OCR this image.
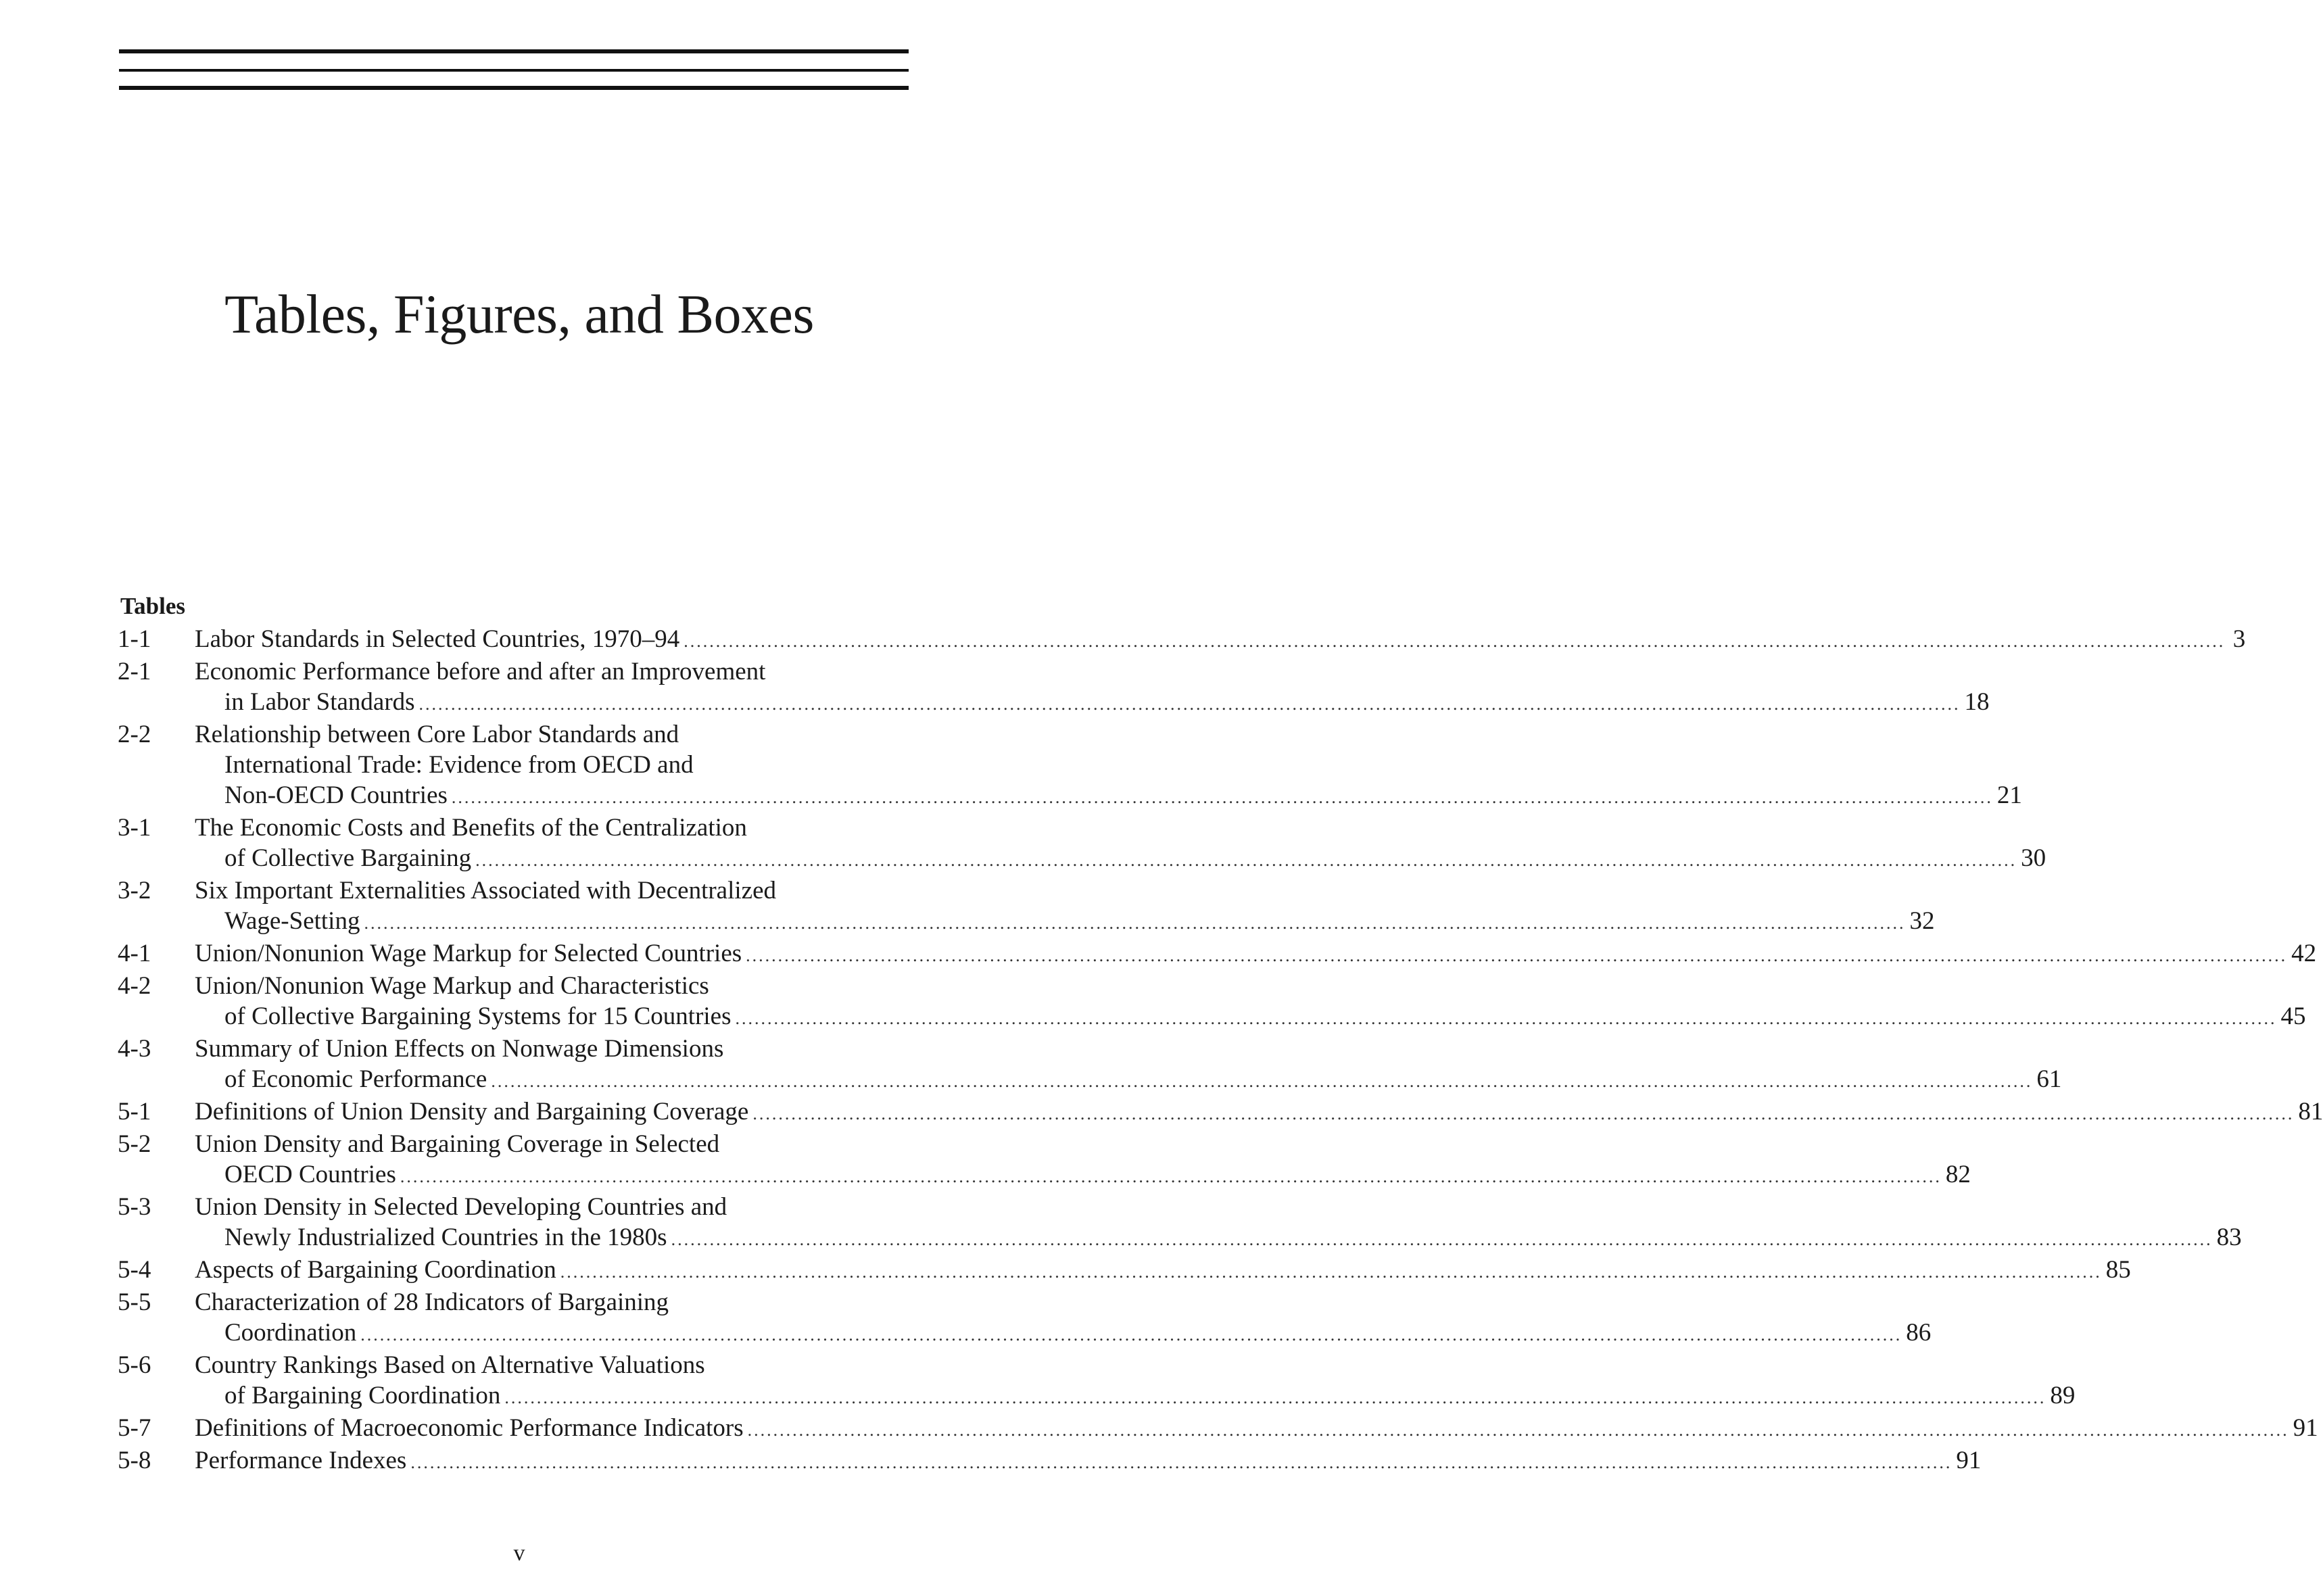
Tables, Figures, and Boxes
Tables
1-1	Labor Standards in Selected Countries, 1970–94 .....	3
2-1	Economic Performance before and after an Improvement
in Labor Standards .....	18
2-2	Relationship between Core Labor Standards and
International Trade: Evidence from OECD and
Non-OECD Countries .....	21
3-1	The Economic Costs and Benefits of the Centralization
of Collective Bargaining .....	30
3-2	Six Important Externalities Associated with Decentralized
Wage-Setting .....	32
4-1	Union/Nonunion Wage Markup for Selected Countries .....	42
4-2	Union/Nonunion Wage Markup and Characteristics
of Collective Bargaining Systems for 15 Countries .....	45
4-3	Summary of Union Effects on Nonwage Dimensions
of Economic Performance .....	61
5-1	Definitions of Union Density and Bargaining Coverage .....	81
5-2	Union Density and Bargaining Coverage in Selected
OECD Countries .....	82
5-3	Union Density in Selected Developing Countries and
Newly Industrialized Countries in the 1980s .....	83
5-4	Aspects of Bargaining Coordination .....	85
5-5	Characterization of 28 Indicators of Bargaining
Coordination .....	86
5-6	Country Rankings Based on Alternative Valuations
of Bargaining Coordination .....	89
5-7	Definitions of Macroeconomic Performance Indicators .....	91
5-8	Performance Indexes .....	91
v
